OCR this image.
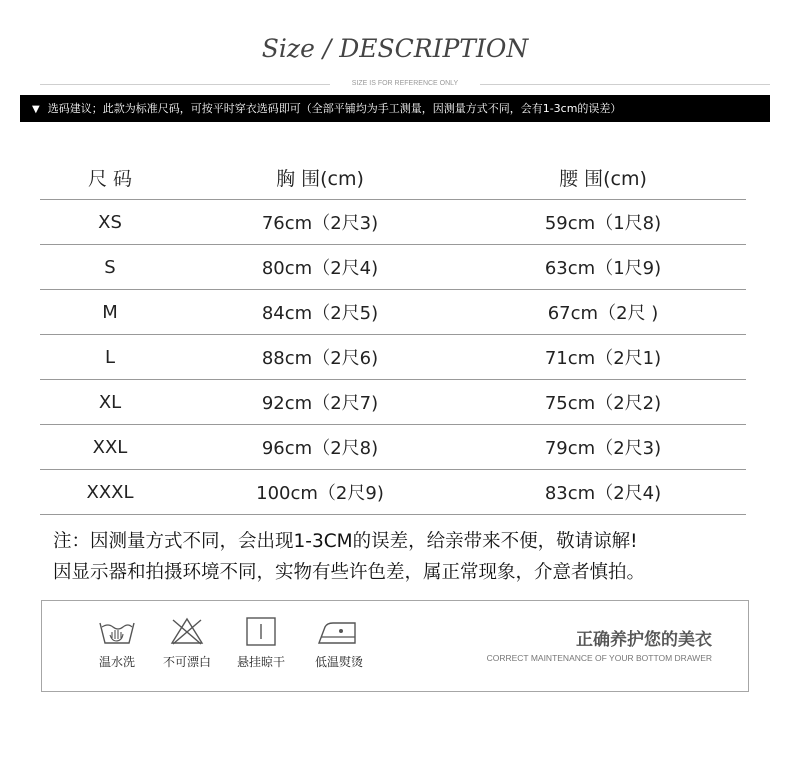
Size / DESCRIPTION
SIZE IS FOR REFERENCE ONLY
▼ 选码建议；此款为标准尺码，可按平时穿衣选码即可（全部平铺均为手工测量，因测量方式不同，会有1-3cm的误差）
尺 码	胸 围(cm)	腰 围(cm)
XS	76cm（2尺3)	59cm（1尺8)
S	80cm（2尺4)	63cm（1尺9)
M	84cm（2尺5)	67cm（2尺 )
L	88cm（2尺6)	71cm（2尺1)
XL	92cm（2尺7)	75cm（2尺2)
XXL	96cm（2尺8)	79cm（2尺3)
XXXL	100cm（2尺9)	83cm（2尺4)
注：因测量方式不同，会出现1-3CM的误差，给亲带来不便，敬请谅解!
因显示器和拍摄环境不同，实物有些许色差，属正常现象，介意者慎拍。
温水洗	不可漂白	悬挂晾干	低温熨烫
正确养护您的美衣
CORRECT MAINTENANCE OF YOUR BOTTOM DRAWER
